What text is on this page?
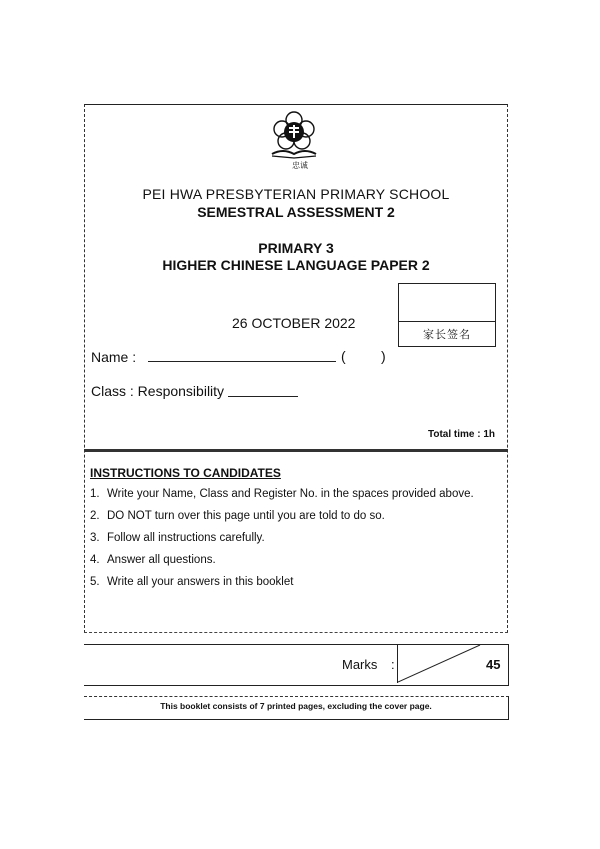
忠诚
PEI HWA PRESBYTERIAN PRIMARY SCHOOL
SEMESTRAL ASSESSMENT 2
PRIMARY 3
HIGHER CHINESE LANGUAGE PAPER 2
26 OCTOBER 2022
家长签名
Name :	(	)
Class : Responsibility
Total time : 1h
INSTRUCTIONS TO CANDIDATES
1. Write your Name, Class and Register No. in the spaces provided above.
2. DO NOT turn over this page until you are told to do so.
3. Follow all instructions carefully.
4. Answer all questions.
5. Write all your answers in this booklet
Marks :	45
This booklet consists of 7 printed pages, excluding the cover page.
